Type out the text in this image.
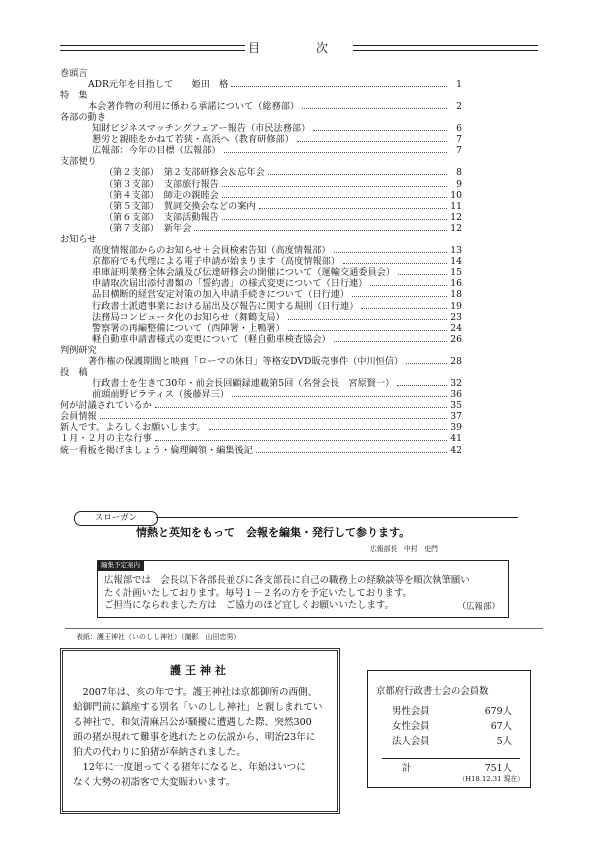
目　次
巻頭言
ADR元年を目指して　　姫田　格	1
特　集
本会著作物の利用に係わる承諾について（総務部）	2
各部の動き
知財ビジネスマッチングフェアー報告（市民法務部）	6
懇労と親睦をかねて若狭・高浜へ（教育研修部）	7
広報部：今年の目標（広報部）	7
支部便り
（第２支部）　第２支部研修会＆忘年会	8
（第３支部）　支部旅行報告	9
（第４支部）　師走の親睦会	10
（第５支部）　賀詞交換会などの案内	11
（第６支部）　支部活動報告	12
（第７支部）　新年会	12
お知らせ
高度情報部からのお知らせ＋会員検索告知（高度情報部）	13
京都府でも代理による電子申請が始まります（高度情報部）	14
車庫証明業務全体会議及び伝達研修会の開催について（運輸交通委員会）	15
申請取次届出添付書類の「誓約書」の様式変更について（日行連）	16
品目横断的経営安定対策の加入申請手続きについて（日行連）	18
行政書士派遣事業における届出及び報告に関する規則（日行連）	19
法務局コンピュータ化のお知らせ（舞鶴支局）	23
警察署の再編整備について（西陣署・上鴨署）	24
軽自動車申請書様式の変更について（軽自動車検査協会）	26
判例研究
著作権の保護期間と映画「ローマの休日」等格安DVD販売事件（中川恒信）	28
投　稿
行政書士を生きて30年・前会長回顧録連載第5回（名誉会長　宮原賢一）	32
前頭前野ピラティス（後藤昇三）	36
何が討議されているか	35
会員情報	37
新人です。よろしくお願いします。	39
１月・２月の主な行事	41
統一看板を掲げましょう・倫理綱領・編集後記	42
スローガン
情熱と英知をもって　会報を編集・発行して参ります。
広報部長　中村　史門
編集予定案内
広報部では　会長以下各部長並びに各支部長に自己の職務上の経験談等を順次執筆願い
たく計画いたしております。毎号１－２名の方を予定いたしております。
ご担当になられました方は　ご協力のほど宜しくお願いいたします。	（広報部）
表紙：護王神社（いのしし神社）（撮影　山田忠男）
護王神社
　2007年は、亥の年です。護王神社は京都御所の西側、
蛤御門前に鎮座する別名「いのしし神社」と親しまれてい
る神社で、和気清麻呂公が騒擾に遭遇した際、突然300
頭の猪が現れて難事を逃れたとの伝説から、明治23年に
狛犬の代わりに狛猪が奉納されました。
　12年に一度廻ってくる猪年になると、年始はいつに
なく大勢の初詣客で大変賑わいます。
京都府行政書士会の会員数
男性会員	679人
女性会員	67人
法人会員	5人
計	751人
（H18.12.31 現在）
